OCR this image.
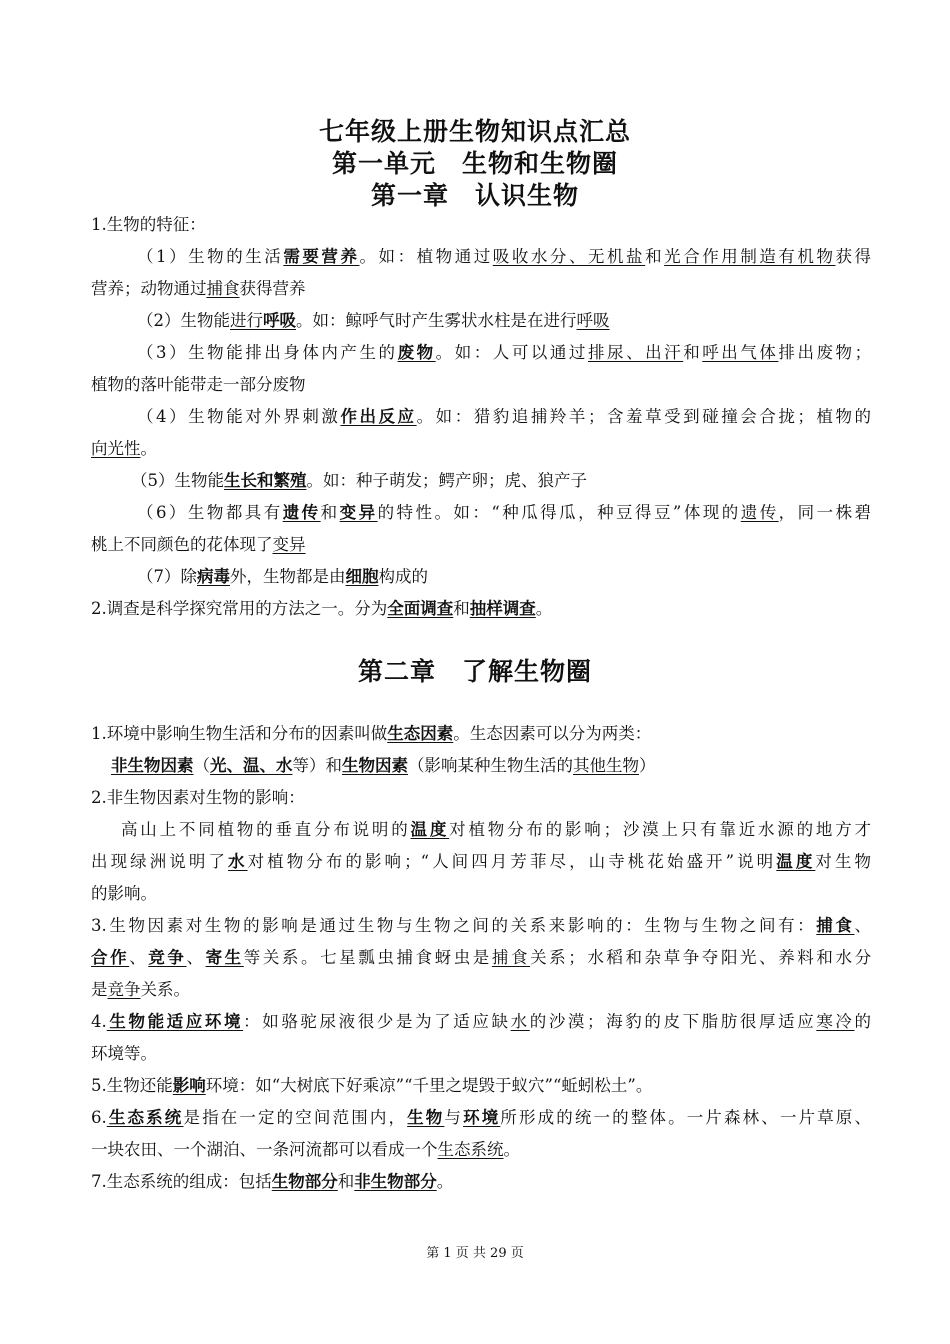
七年级上册生物知识点汇总
第一单元　生物和生物圈
第一章　认识生物
1.生物的特征：
（1）生物的生活需要营养。如：植物通过吸收水分、无机盐和光合作用制造有机物获得
营养；动物通过捕食获得营养
（2）生物能进行呼吸。如：鲸呼气时产生雾状水柱是在进行呼吸
（3）生物能排出身体内产生的废物。如：人可以通过排尿、出汗和呼出气体排出废物；
植物的落叶能带走一部分废物
（4）生物能对外界刺激作出反应。如：猎豹追捕羚羊；含羞草受到碰撞会合拢；植物的
向光性。
（5）生物能生长和繁殖。如：种子萌发；鳄产卵；虎、狼产子
（6）生物都具有遗传和变异的特性。如：“种瓜得瓜，种豆得豆”体现的遗传，同一株碧
桃上不同颜色的花体现了变异
（7）除病毒外，生物都是由细胞构成的
2.调查是科学探究常用的方法之一。分为全面调查和抽样调查。
第二章　了解生物圈
1.环境中影响生物生活和分布的因素叫做生态因素。生态因素可以分为两类：
非生物因素（光、温、水等）和生物因素（影响某种生物生活的其他生物）
2.非生物因素对生物的影响：
高山上不同植物的垂直分布说明的温度对植物分布的影响；沙漠上只有靠近水源的地方才
出现绿洲说明了水对植物分布的影响；“人间四月芳菲尽，山寺桃花始盛开”说明温度对生物
的影响。
3.生物因素对生物的影响是通过生物与生物之间的关系来影响的：生物与生物之间有：捕食、
合作、竞争、寄生等关系。七星瓢虫捕食蚜虫是捕食关系；水稻和杂草争夺阳光、养料和水分
是竞争关系。
4.生物能适应环境：如骆驼尿液很少是为了适应缺水的沙漠；海豹的皮下脂肪很厚适应寒冷的
环境等。
5.生物还能影响环境：如“大树底下好乘凉”“千里之堤毁于蚁穴”“蚯蚓松土”。
6.生态系统是指在一定的空间范围内，生物与环境所形成的统一的整体。一片森林、一片草原、
一块农田、一个湖泊、一条河流都可以看成一个生态系统。
7.生态系统的组成：包括生物部分和非生物部分。
第 1 页 共 29 页
